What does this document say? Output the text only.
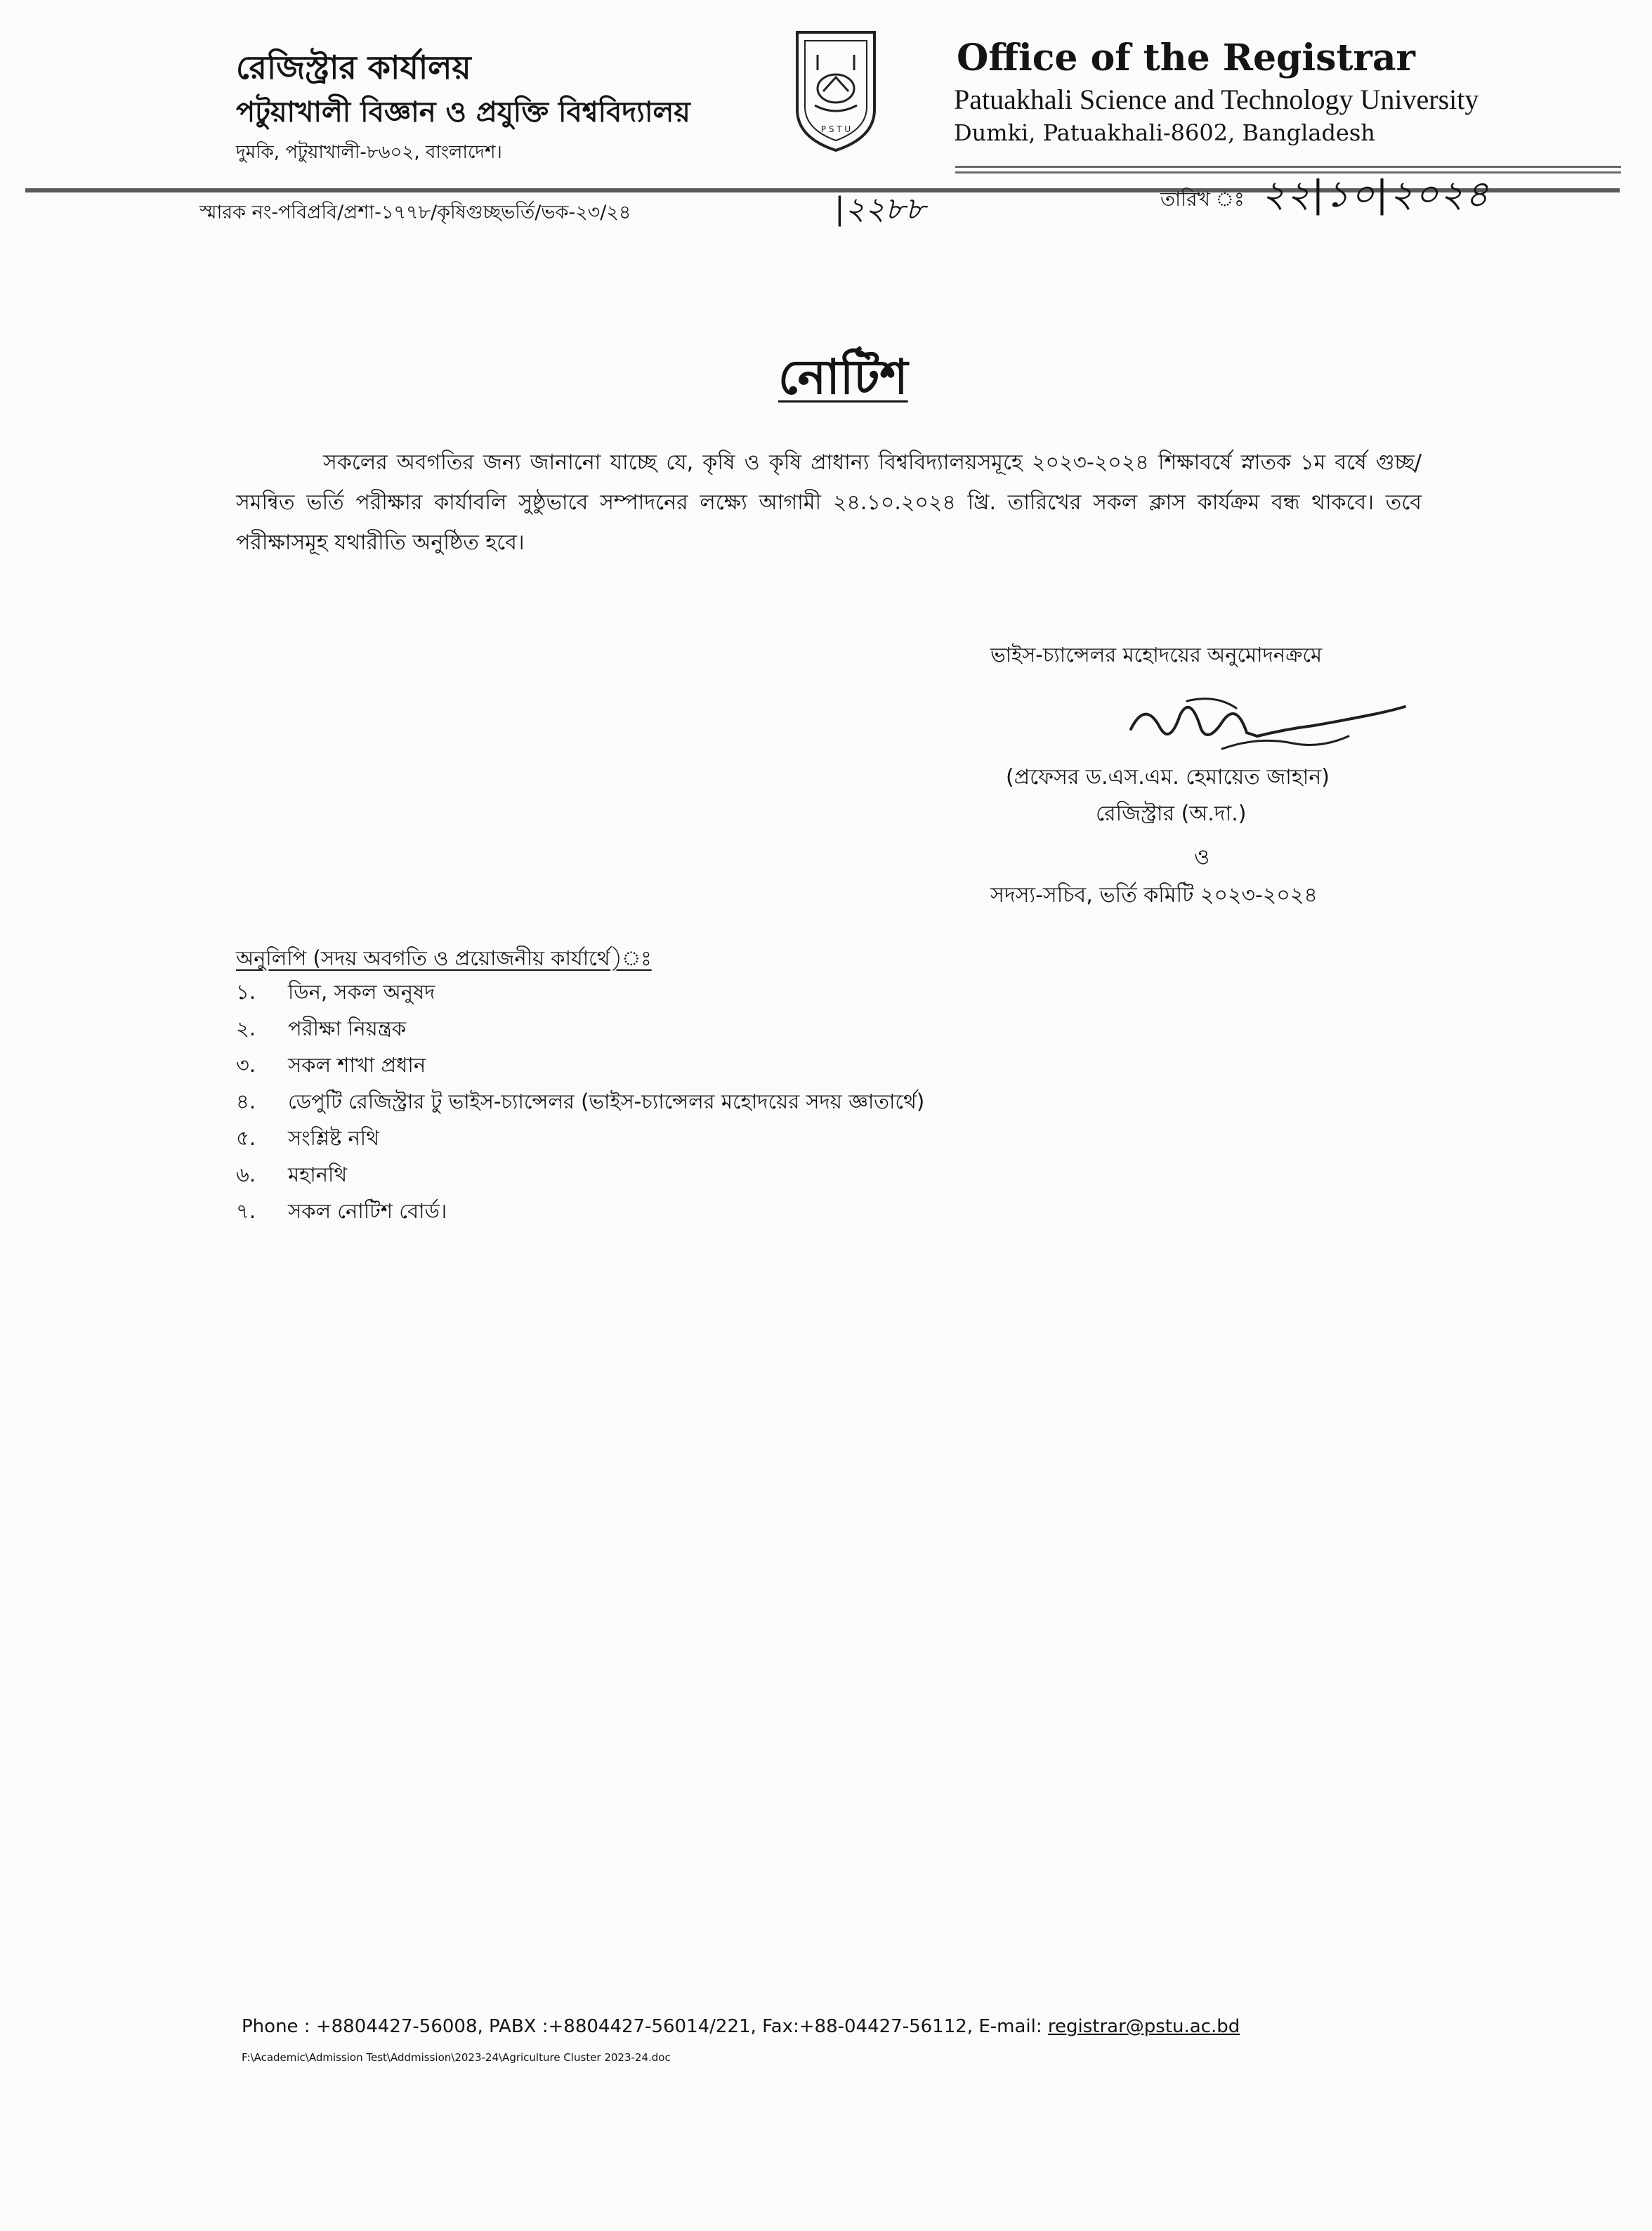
রেজিস্ট্রার কার্যালয়
পটুয়াখালী বিজ্ঞান ও প্রযুক্তি বিশ্ববিদ্যালয়
দুমকি, পটুয়াখালী-৮৬০২, বাংলাদেশ।
P S T U
Office of the Registrar
Patuakhali Science and Technology University
Dumki, Patuakhali-8602, Bangladesh
স্মারক নং-পবিপ্রবি/প্রশা-১৭৭৮/কৃষিগুচ্ছভর্তি/ভক-২৩/২৪	|২২৮৮	তারিখ ঃ ২২|১০|২০২৪
নোটিশ
সকলের অবগতির জন্য জানানো যাচ্ছে যে, কৃষি ও কৃষি প্রাধান্য বিশ্ববিদ্যালয়সমূহে ২০২৩-২০২৪ শিক্ষাবর্ষে স্নাতক ১ম বর্ষে গুচ্ছ/সমন্বিত ভর্তি পরীক্ষার কার্যাবলি সুষ্ঠুভাবে সম্পাদনের লক্ষ্যে আগামী ২৪.১০.২০২৪ খ্রি. তারিখের সকল ক্লাস কার্যক্রম বন্ধ থাকবে। তবে পরীক্ষাসমূহ যথারীতি অনুষ্ঠিত হবে।
ভাইস-চ্যান্সেলর মহোদয়ের অনুমোদনক্রমে
(প্রফেসর ড.এস.এম. হেমায়েত জাহান)
রেজিস্ট্রার (অ.দা.)
ও
সদস্য-সচিব, ভর্তি কমিটি ২০২৩-২০২৪
অনুলিপি (সদয় অবগতি ও প্রয়োজনীয় কার্যার্থে)ঃ
১.	ডিন, সকল অনুষদ
২.	পরীক্ষা নিয়ন্ত্রক
৩.	সকল শাখা প্রধান
৪.	ডেপুটি রেজিস্ট্রার টু ভাইস-চ্যান্সেলর (ভাইস-চ্যান্সেলর মহোদয়ের সদয় জ্ঞাতার্থে)
৫.	সংশ্লিষ্ট নথি
৬.	মহানথি
৭.	সকল নোটিশ বোর্ড।
Phone : +8804427-56008, PABX :+8804427-56014/221, Fax:+88-04427-56112, E-mail: registrar@pstu.ac.bd
F:\Academic\Admission Test\Addmission\2023-24\Agriculture Cluster 2023-24.doc
